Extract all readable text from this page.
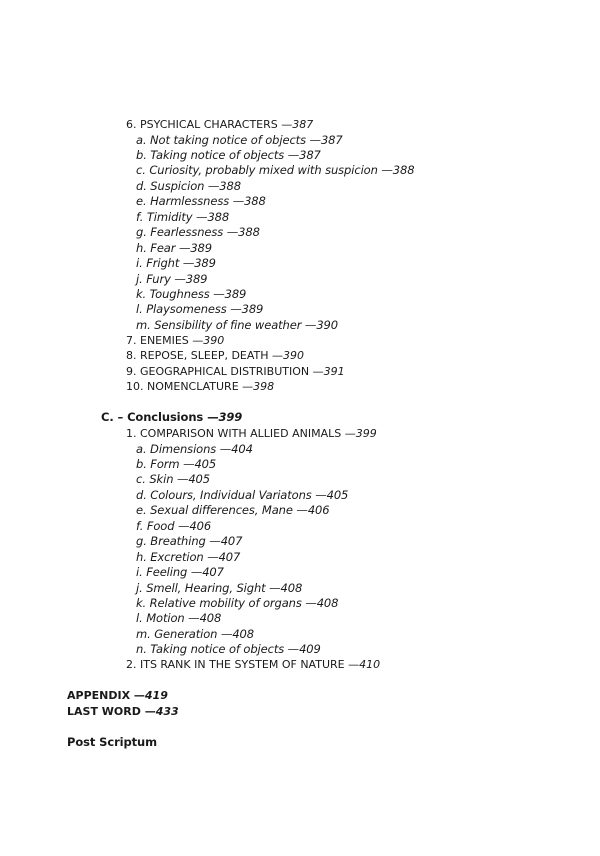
6. PSYCHICAL CHARACTERS —387
a. Not taking notice of objects —387
b. Taking notice of objects —387
c. Curiosity, probably mixed with suspicion —388
d. Suspicion —388
e. Harmlessness —388
f. Timidity —388
g. Fearlessness —388
h. Fear —389
i. Fright —389
j. Fury —389
k. Toughness —389
l. Playsomeness —389
m. Sensibility of fine weather —390
7. ENEMIES —390
8. REPOSE, SLEEP, DEATH —390
9. GEOGRAPHICAL DISTRIBUTION —391
10. NOMENCLATURE —398
C. – Conclusions —399
1. COMPARISON WITH ALLIED ANIMALS —399
a. Dimensions —404
b. Form —405
c. Skin —405
d. Colours, Individual Variatons —405
e. Sexual differences, Mane —406
f. Food —406
g. Breathing —407
h. Excretion —407
i. Feeling —407
j. Smell, Hearing, Sight —408
k. Relative mobility of organs —408
l. Motion —408
m. Generation —408
n. Taking notice of objects —409
2. ITS RANK IN THE SYSTEM OF NATURE —410
APPENDIX —419
LAST WORD —433
Post Scriptum
